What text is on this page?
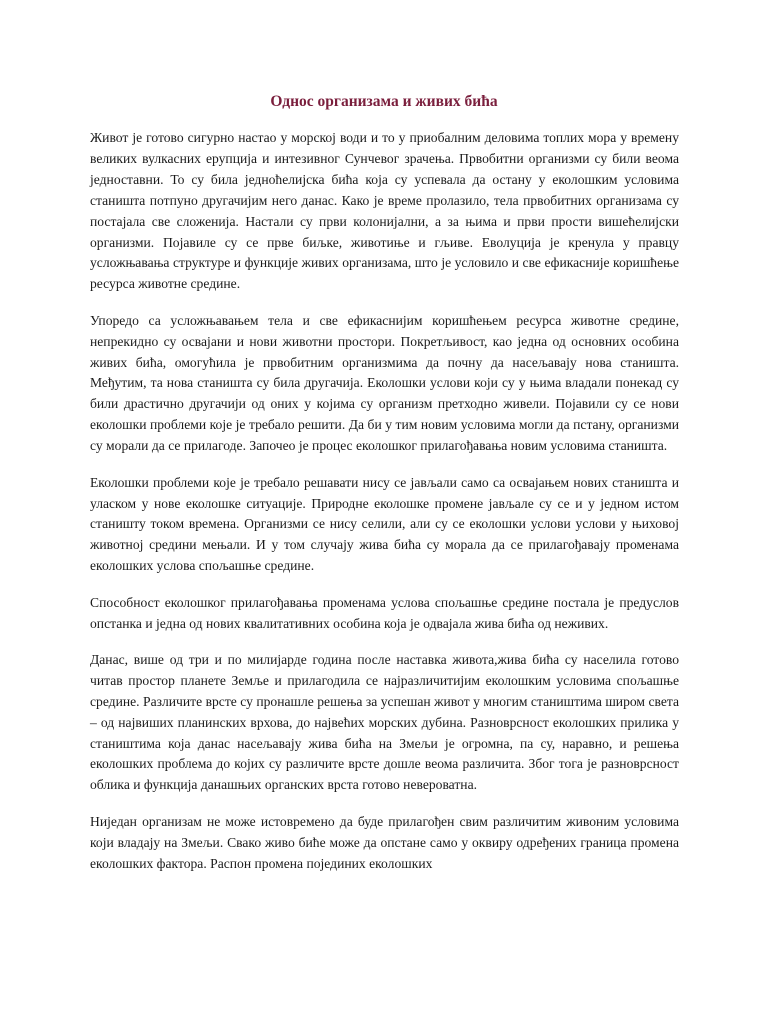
Однос организама и живих бића

Живот је готово сигурно настао у морској води и то у приобалним деловима топлих мора у времену великих вулкасних ерупција и интезивног Сунчевог зрачења. Првобитни организми су били веома једноставни. То су била једноћелијска бића која су успевала да остану у еколошким условима станишта потпуно другачијим него данас. Како је време пролазило, тела првобитних организама су постајала све сложенија. Настали су први колонијални, а за њима и први прости вишећелијски организми. Појавиле су се прве биљке, животиње и гљиве. Еволуција је кренула у правцу усложњавања структуре и функције живих организама, што је условило и све ефикасније коришћење ресурса животне средине.

Упоредо са усложњавањем тела и све ефикаснијим коришћењем ресурса животне средине, непрекидно су освајани и нови животни простори. Покретљивост, као једна од основних особина живих бића, омогућила је првобитним организмима да почну да насељавају нова станишта. Међутим, та нова станишта су била другачија. Еколошки услови који су у њима владали понекад су били драстично другачији од оних у којима су организм претходно живели. Појавили су се нови еколошки проблеми које је требало решити. Да би у тим новим условима могли да пстану, организми су морали да се прилагоде. Започео је процес еколошког прилагођавања новим условима станишта.

Еколошки проблеми које је требало решавати нису се јављали само са освајањем нових станишта и уласком у нове еколошке ситуације. Природне еколошке промене јављале су се и у једном истом станишту током времена. Организми се нису селили, али су се еколошки услови услови у њиховој животној средини мењали. И у том случају жива бића су морала да се прилагођавају променама еколошких услова спољашње средине.

Способност еколошког прилагођавања променама услова спољашње средине постала је предуслов опстанка и једна од нових квалитативних особина која је одвајала жива бића од неживих.

Данас, више од три и по милијарде година после наставка живота,жива бића су населила готово читав простор планете Земље и прилагодила се најразличитијим еколошким условима спољашње средине. Различите врсте су пронашле решења за успешан живот у многим стаништима широм света – од највиших планинских врхова, до највећих морских дубина. Разноврсност еколошких прилика у стаништима која данас насељавају жива бића на Змељи је огромна, па су, наравно, и решења еколошких проблема до којих су различите врсте дошле веома различита. Због тога је разноврсност облика и функција данашњих органских врста готово невероватна.

Ниједан организам не може истовремено да буде прилагођен свим различитим живоним условима који владају на Змељи. Свако живо биће може да опстане само у оквиру одређених граница промена еколошких фактора. Распон промена појединих еколошких
